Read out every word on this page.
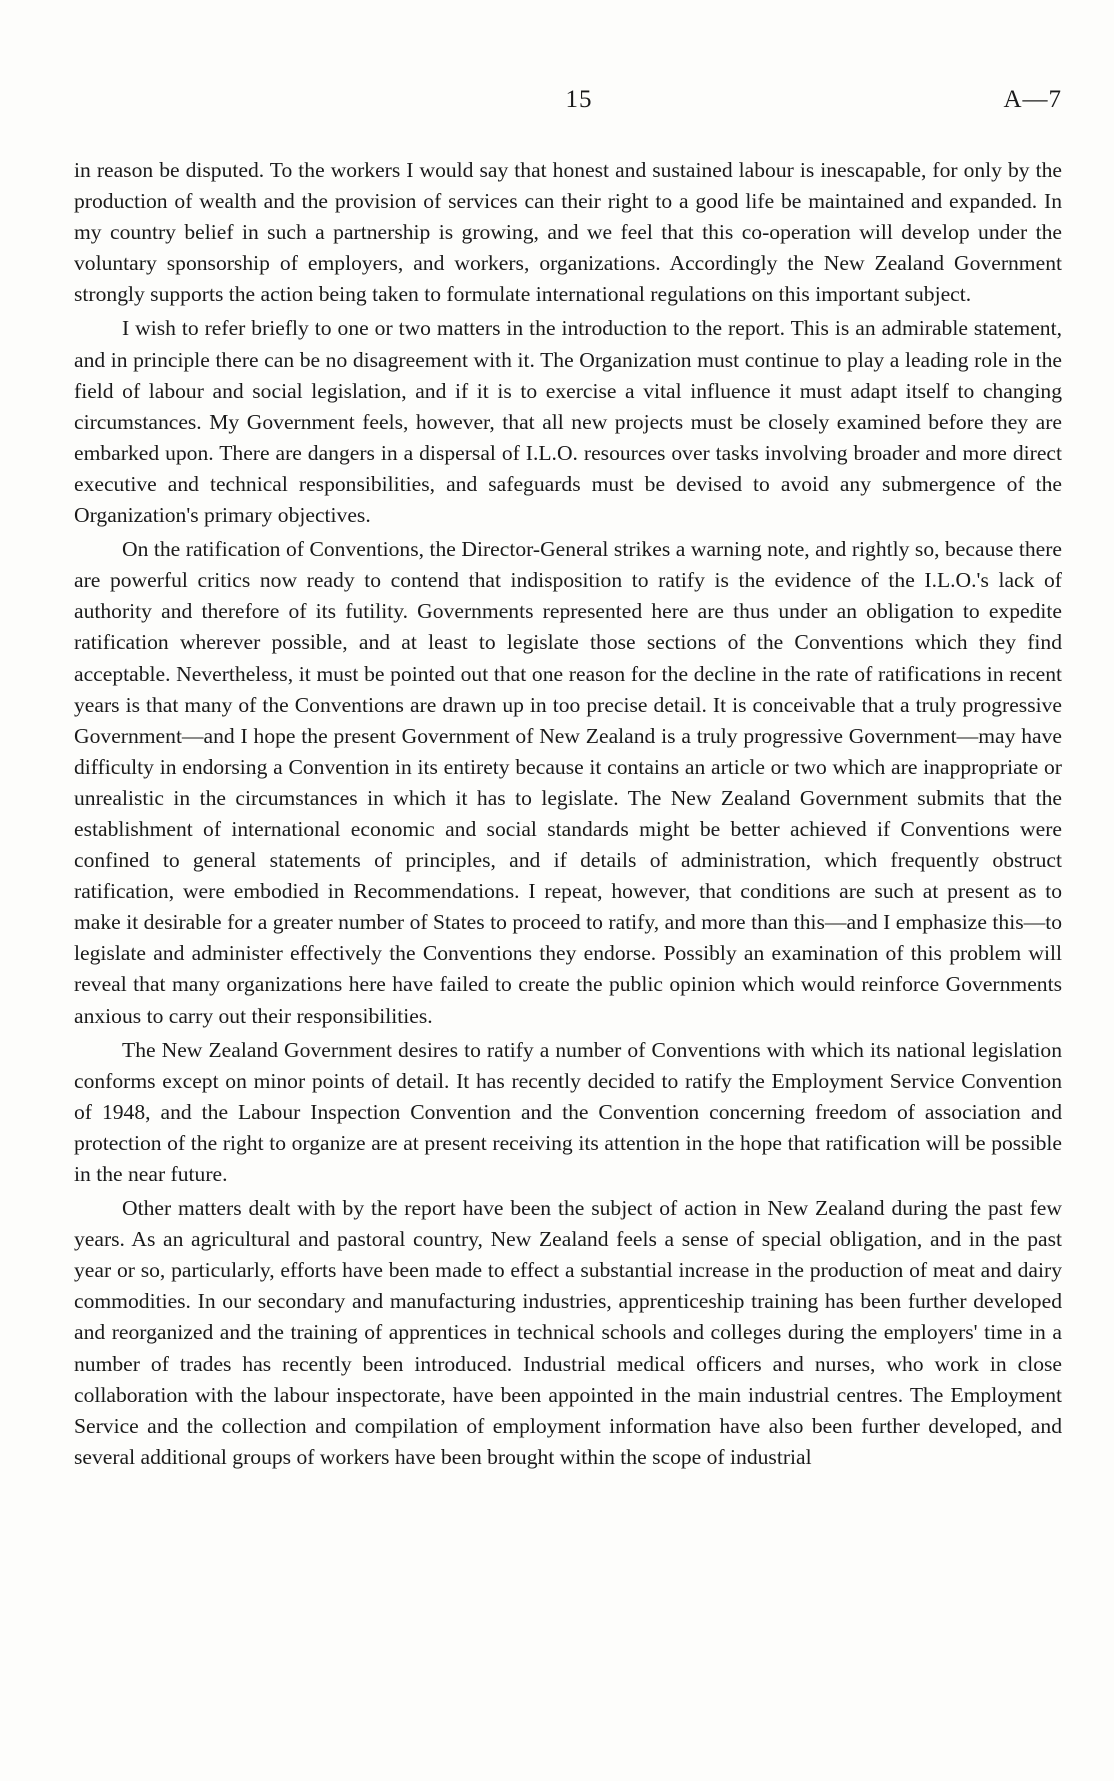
15	A—7

in reason be disputed. To the workers I would say that honest and sustained labour is inescapable, for only by the production of wealth and the provision of services can their right to a good life be maintained and expanded. In my country belief in such a partnership is growing, and we feel that this co-operation will develop under the voluntary sponsorship of employers, and workers, organizations. Accordingly the New Zealand Government strongly supports the action being taken to formulate international regulations on this important subject.

I wish to refer briefly to one or two matters in the introduction to the report. This is an admirable statement, and in principle there can be no disagreement with it. The Organization must continue to play a leading role in the field of labour and social legislation, and if it is to exercise a vital influence it must adapt itself to changing circumstances. My Government feels, however, that all new projects must be closely examined before they are embarked upon. There are dangers in a dispersal of I.L.O. resources over tasks involving broader and more direct executive and technical responsibilities, and safeguards must be devised to avoid any submergence of the Organization's primary objectives.

On the ratification of Conventions, the Director-General strikes a warning note, and rightly so, because there are powerful critics now ready to contend that indisposition to ratify is the evidence of the I.L.O.'s lack of authority and therefore of its futility. Governments represented here are thus under an obligation to expedite ratification wherever possible, and at least to legislate those sections of the Conventions which they find acceptable. Nevertheless, it must be pointed out that one reason for the decline in the rate of ratifications in recent years is that many of the Conventions are drawn up in too precise detail. It is conceivable that a truly progressive Government—and I hope the present Government of New Zealand is a truly progressive Government—may have difficulty in endorsing a Convention in its entirety because it contains an article or two which are inappropriate or unrealistic in the circumstances in which it has to legislate. The New Zealand Government submits that the establishment of international economic and social standards might be better achieved if Conventions were confined to general statements of principles, and if details of administration, which frequently obstruct ratification, were embodied in Recommendations. I repeat, however, that conditions are such at present as to make it desirable for a greater number of States to proceed to ratify, and more than this—and I emphasize this—to legislate and administer effectively the Conventions they endorse. Possibly an examination of this problem will reveal that many organizations here have failed to create the public opinion which would reinforce Governments anxious to carry out their responsibilities.

The New Zealand Government desires to ratify a number of Conventions with which its national legislation conforms except on minor points of detail. It has recently decided to ratify the Employment Service Convention of 1948, and the Labour Inspection Convention and the Convention concerning freedom of association and protection of the right to organize are at present receiving its attention in the hope that ratification will be possible in the near future.

Other matters dealt with by the report have been the subject of action in New Zealand during the past few years. As an agricultural and pastoral country, New Zealand feels a sense of special obligation, and in the past year or so, particularly, efforts have been made to effect a substantial increase in the production of meat and dairy commodities. In our secondary and manufacturing industries, apprenticeship training has been further developed and reorganized and the training of apprentices in technical schools and colleges during the employers' time in a number of trades has recently been introduced. Industrial medical officers and nurses, who work in close collaboration with the labour inspectorate, have been appointed in the main industrial centres. The Employment Service and the collection and compilation of employment information have also been further developed, and several additional groups of workers have been brought within the scope of industrial
